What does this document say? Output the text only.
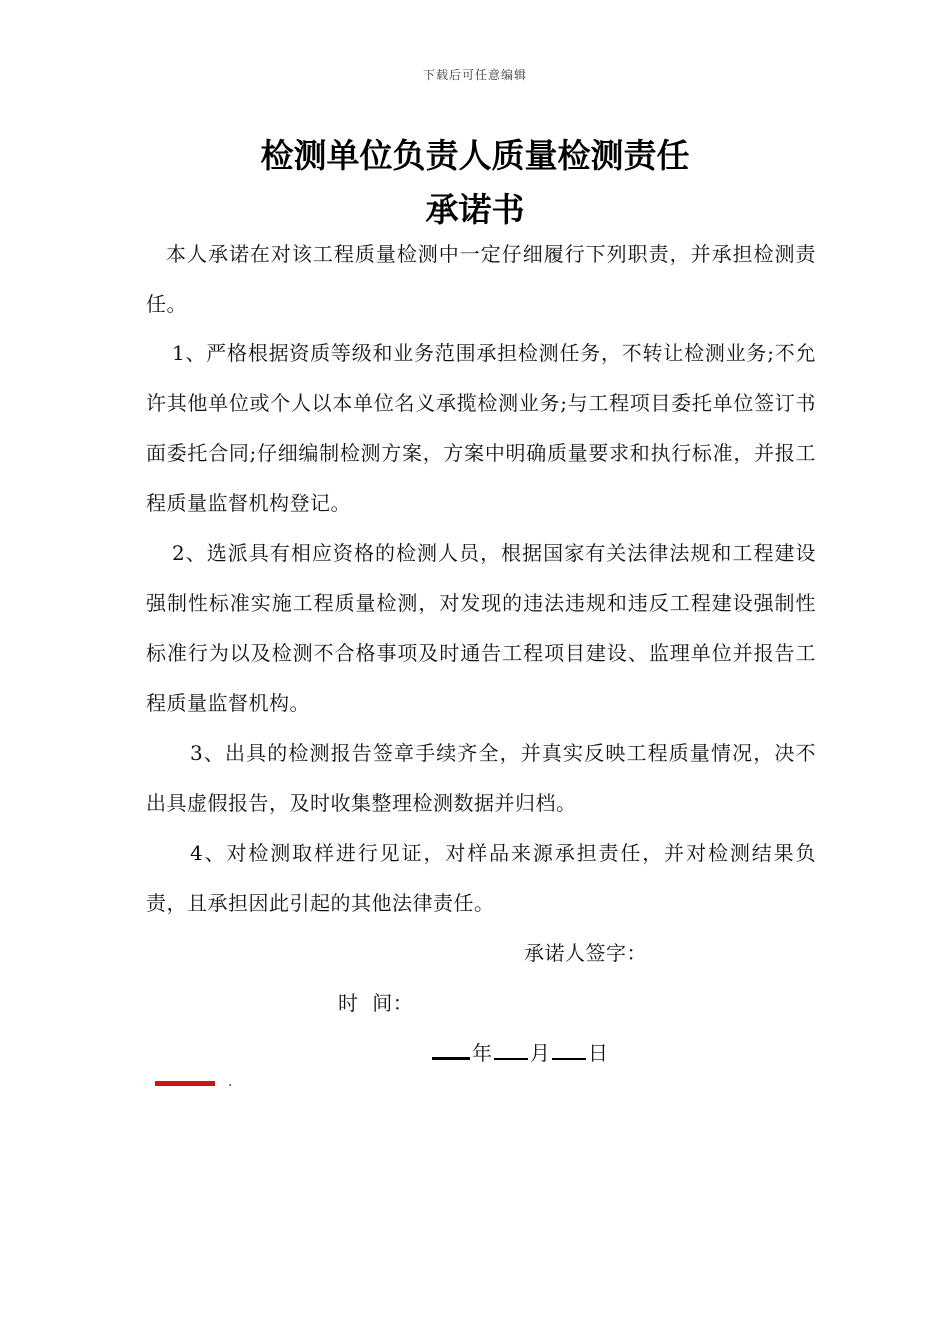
下载后可任意编辑
检测单位负责人质量检测责任
承诺书

本人承诺在对该工程质量检测中一定仔细履行下列职责，并承担检测责任。

1、严格根据资质等级和业务范围承担检测任务，不转让检测业务;不允许其他单位或个人以本单位名义承揽检测业务;与工程项目委托单位签订书面委托合同;仔细编制检测方案，方案中明确质量要求和执行标准，并报工程质量监督机构登记。

2、选派具有相应资格的检测人员，根据国家有关法律法规和工程建设强制性标准实施工程质量检测，对发现的违法违规和违反工程建设强制性标准行为以及检测不合格事项及时通告工程项目建设、监理单位并报告工程质量监督机构。

3、出具的检测报告签章手续齐全，并真实反映工程质量情况，决不出具虚假报告，及时收集整理检测数据并归档。

4、对检测取样进行见证，对样品来源承担责任，并对检测结果负责，且承担因此引起的其他法律责任。

承诺人签字：
时  间：
年 月 日
.
